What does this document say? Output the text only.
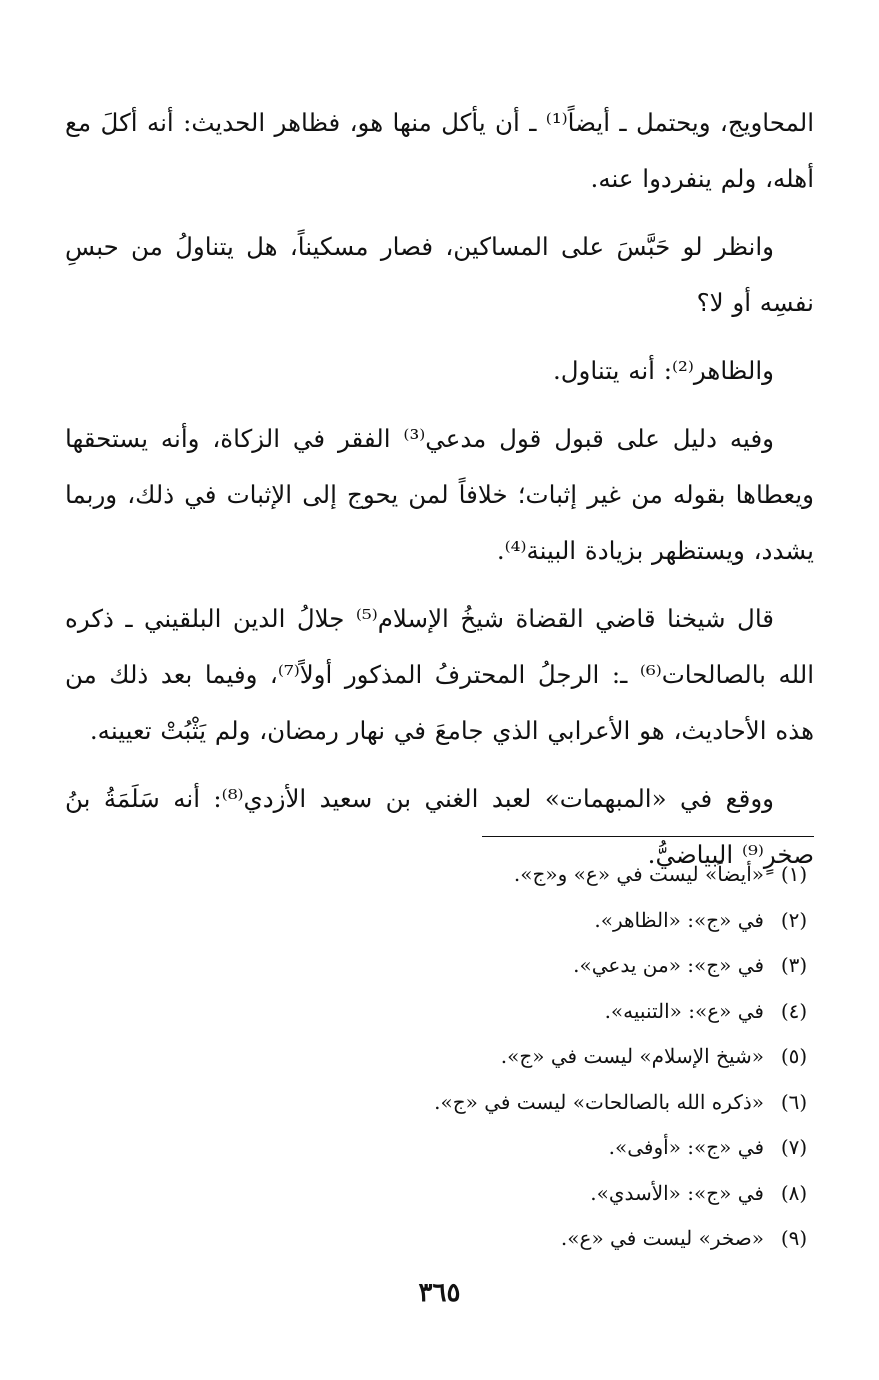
المحاويج، ويحتمل ـ أيضاً⁽¹⁾ ـ أن يأكل منها هو، فظاهر الحديث: أنه أكلَ مع أهله، ولم ينفردوا عنه.

وانظر لو حَبَّسَ على المساكين، فصار مسكيناً، هل يتناولُ من حبسِ نفسِه أو لا؟

والظاهر⁽²⁾: أنه يتناول.

وفيه دليل على قبول قول مدعي⁽³⁾ الفقر في الزكاة، وأنه يستحقها ويعطاها بقوله من غير إثبات؛ خلافاً لمن يحوج إلى الإثبات في ذلك، وربما يشدد، ويستظهر بزيادة البينة⁽⁴⁾.

قال شيخنا قاضي القضاة شيخُ الإسلام⁽⁵⁾ جلالُ الدين البلقيني ـ ذكره الله بالصالحات⁽⁶⁾ ـ: الرجلُ المحترفُ المذكور أولاً⁽⁷⁾، وفيما بعد ذلك من هذه الأحاديث، هو الأعرابي الذي جامعَ في نهار رمضان، ولم يَثْبُتْ تعيينه.

ووقع في «المبهمات» لعبد الغني بن سعيد الأزدي⁽⁸⁾: أنه سَلَمَةُ بنُ صخرٍ⁽⁹⁾ البياضيُّ.

(١)
«أيضاً» ليست في «ع» و«ج».
(٢)
في «ج»: «الظاهر».
(٣)
في «ج»: «من يدعي».
(٤)
في «ع»: «التنبيه».
(٥)
«شيخ الإسلام» ليست في «ج».
(٦)
«ذكره الله بالصالحات» ليست في «ج».
(٧)
في «ج»: «أوفى».
(٨)
في «ج»: «الأسدي».
(٩)
«صخر» ليست في «ع».
٣٦٥
